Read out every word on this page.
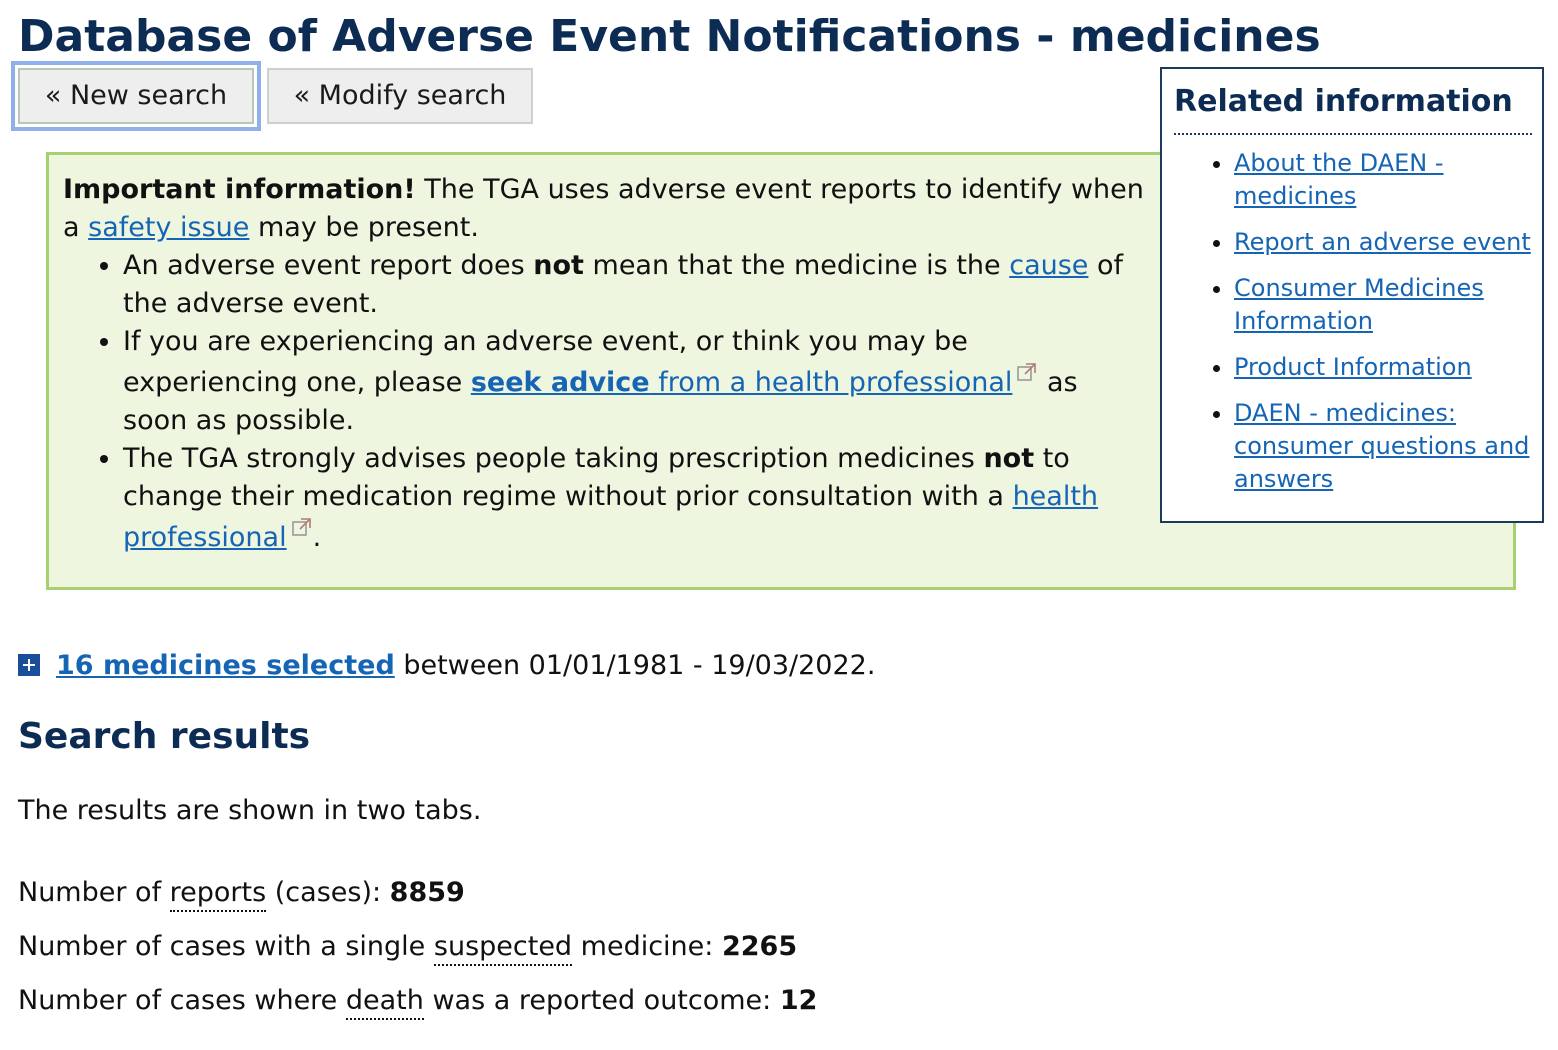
Database of Adverse Event Notifications - medicines
« New search	« Modify search

Important information! The TGA uses adverse event reports to identify when a safety issue may be present.

• An adverse event report does not mean that the medicine is the cause of the adverse event.
• If you are experiencing an adverse event, or think you may be experiencing one, please seek advice from a health professional as soon as possible.
• The TGA strongly advises people taking prescription medicines not to change their medication regime without prior consultation with a health professional .
Related information
• About the DAEN - medicines
• Report an adverse event
• Consumer Medicines Information
• Product Information
• DAEN - medicines: consumer questions and answers
16 medicines selected between 01/01/1981 - 19/03/2022.
Search results
The results are shown in two tabs.
Number of reports (cases): 8859
Number of cases with a single suspected medicine: 2265
Number of cases where death was a reported outcome: 12
